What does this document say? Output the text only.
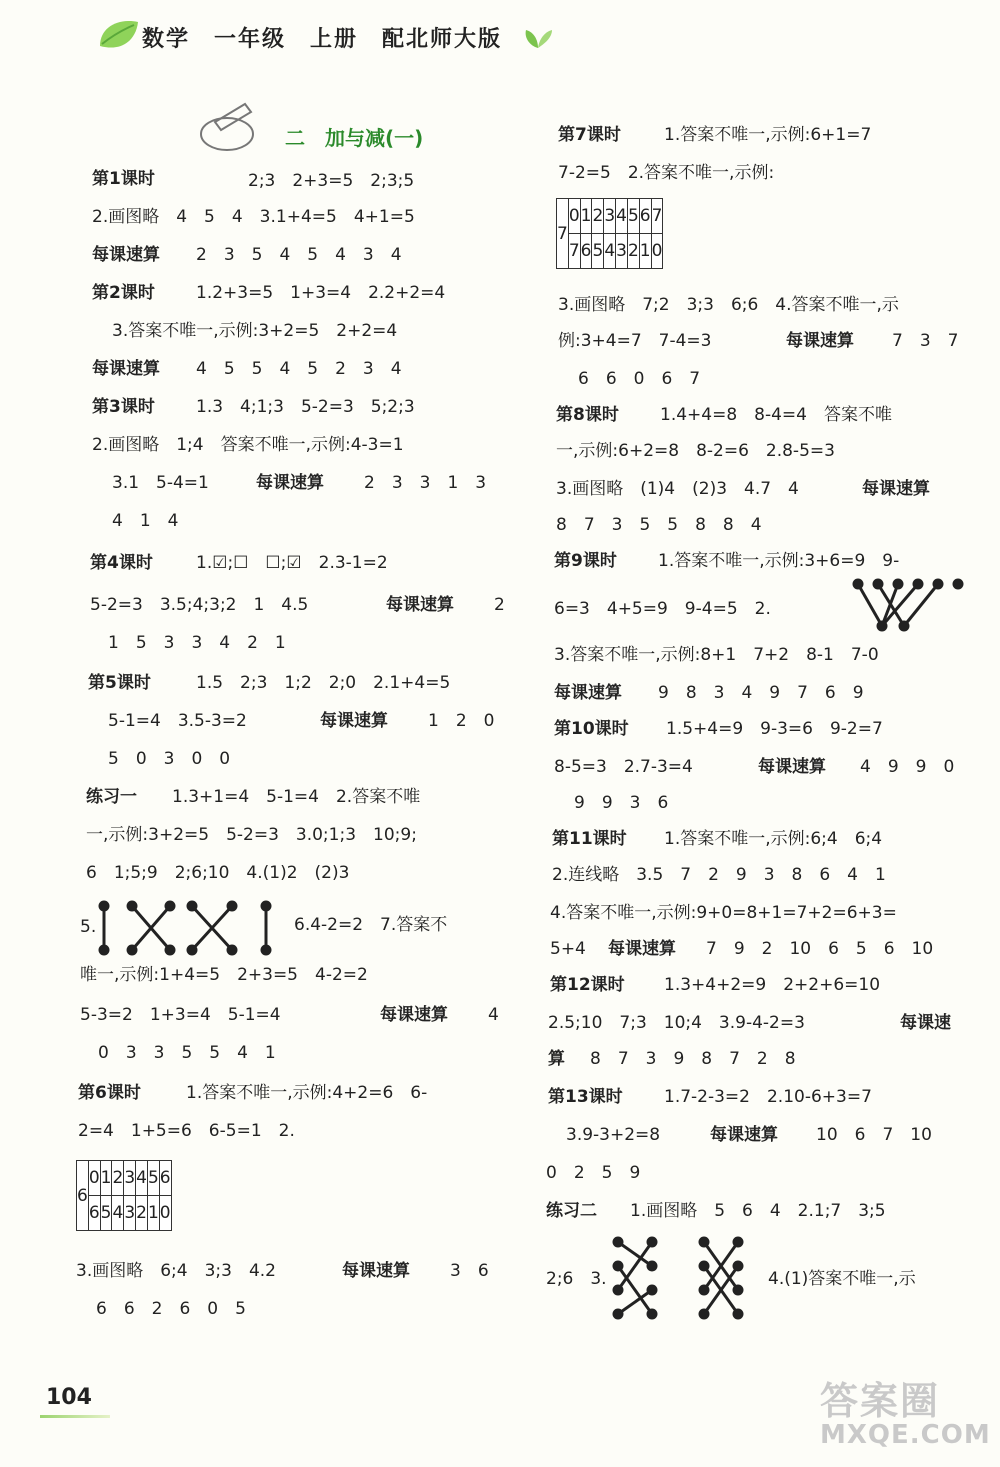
数学　一年级　上册　配北师大版
二　加与减(一)
第1课时	2;3　2+3=5　2;3;5
2.画图略　4　5　4　3.1+4=5　4+1=5
每课速算 2　3　5　4　5　4　3　4
第2课时 1.2+3=5　1+3=4　2.2+2=4
3.答案不唯一,示例:3+2=5　2+2=4
每课速算 4　5　5　4　5　2　3　4
第3课时 1.3　4;1;3　5-2=3　5;2;3
2.画图略　1;4　答案不唯一,示例:4-3=1
3.1　5-4=1	每课速算 2　3　3　1　3
4　1　4
第4课时	1.☑;☐　☐;☑　2.3-1=2
5-2=3　3.5;4;3;2　1　4.5	每课速算 2
1　5　3　3　4　2　1
第5课时	1.5　2;3　1;2　2;0　2.1+4=5
5-1=4　3.5-3=2	每课速算 1　2　0
5　0　3　0　0
练习一 1.3+1=4　5-1=4　2.答案不唯
一,示例:3+2=5　5-2=3　3.0;1;3　10;9;
6　1;5;9　2;6;10　4.(1)2　(2)3
5.	6.4-2=2　7.答案不
唯一,示例:1+4=5　2+3=5　4-2=2
5-3=2　1+3=4　5-1=4	每课速算 4
0　3　3　5　5　4　1
第6课时	1.答案不唯一,示例:4+2=6　6-
2=4　1+5=6　6-5=1　2.
6	0	1	2	3	4	5	6
	6	5	4	3	2	1	0
3.画图略　6;4　3;3　4.2	每课速算 3　6
6　6　2　6　0　5
第7课时	1.答案不唯一,示例:6+1=7
7-2=5　2.答案不唯一,示例:
7	0	1	2	3	4	5	6	7
	7	6	5	4	3	2	1	0
3.画图略　7;2　3;3　6;6　4.答案不唯一,示
例:3+4=7　7-4=3	每课速算 7　3　7
6　6　0　6　7
第8课时 1.4+4=8　8-4=4　答案不唯
一,示例:6+2=8　8-2=6　2.8-5=3
3.画图略　(1)4　(2)3　4.7　4	每课速算
8　7　3　5　5　8　8　4
第9课时 1.答案不唯一,示例:3+6=9　9-
6=3　4+5=9　9-4=5　2.
3.答案不唯一,示例:8+1　7+2　8-1　7-0
每课速算 9　8　3　4　9　7　6　9
第10课时 1.5+4=9　9-3=6　9-2=7
8-5=3　2.7-3=4	每课速算 4　9　9　0
9　9　3　6
第11课时 1.答案不唯一,示例:6;4　6;4
2.连线略　3.5　7　2　9　3　8　6　4　1
4.答案不唯一,示例:9+0=8+1=7+2=6+3=
5+4 每课速算 7　9　2　10　6　5　6　10
第12课时 1.3+4+2=9　2+2+6=10
2.5;10　7;3　10;4　3.9-4-2=3	每课速
算 8　7　3　9　8　7　2　8
第13课时 1.7-2-3=2　2.10-6+3=7
3.9-3+2=8	每课速算 10　6　7　10
0　2　5　9
练习二 1.画图略　5　6　4　2.1;7　3;5
2;6　3.	4.(1)答案不唯一,示
104	答案圈
MXQE.COM
